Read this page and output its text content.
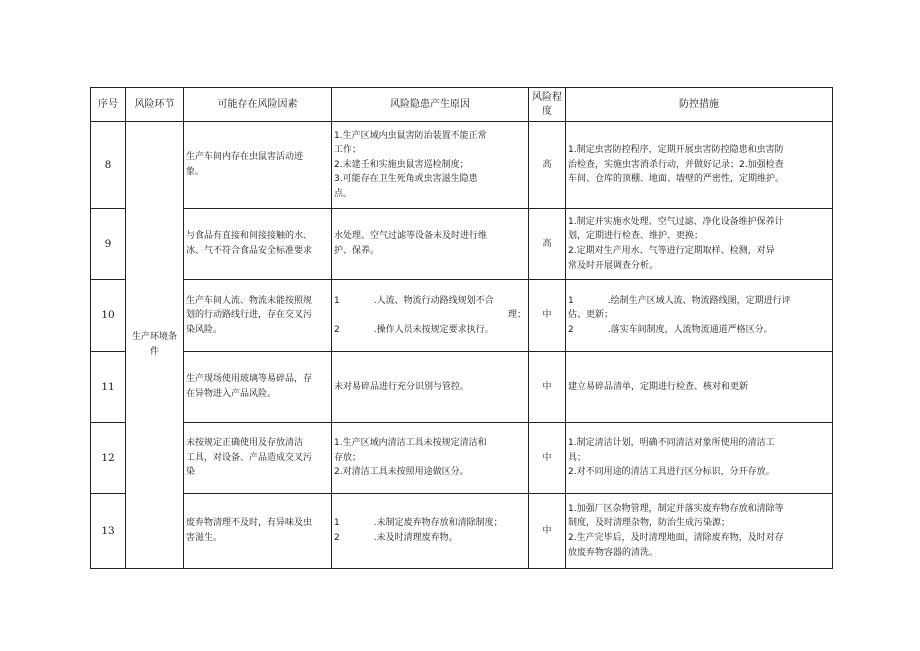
序号	风险环节	可能存在风险因素	风险隐患产生原因	风险程
度	防控措施
8	生产环境条
件	生产车间内存在虫鼠害活动迹
象。	1.生产区域内虫鼠害防治装置不能正常
工作；
2.未建壬和实施虫鼠害巡检制度；
3.可能存在卫生死角或虫害滋生隐患
点。	高	1.制定虫害防控程序，定期开展虫害防控隐患和虫害防
治检查，实施虫害消杀行动，并做好记录；2.加强检查
车间、仓库的顶棚、地面、墙壁的严密性，定期维护。

9		与食品有直接和间接接触的水、
冰、气不符合食品安全标准要求	水处理、空气过滤等设备未及时进行维
护、保养。	高	1.制定并实施水处理、空气过滤、净化设备维护保养计
划，定期进行检查、维护、更换；
2.定期对生产用水、气等进行定期取样、检测，对异
常及时开展调查分析。

10		生产车间人流、物流未能按照规
划的行动路线行进，存在交叉污
染风险。	1 .人流、物流行动路线规划不合
理；
2 .操作人员未按规定要求执行。	中	1 .绘制生产区域人流、物流路线图，定期进行评
估、更新；
2 .落实车间制度，人流物流通道严格区分。

11		生产现场使用玻璃等易碎品，存
在异物进入产品风险。	未对易碎品进行充分识别与管控。	中	建立易碎品清单，定期进行检查、核对和更新

12		未按规定正确使用及存放清洁
工具，对设备、产品造成交叉污
染	1.生产区域内清洁工具未按规定清洁和
存放；
2.对清洁工具未按照用途做区分。	中	1.制定清洁计划，明确不同清洁对象所使用的清洁工
具；
2.对不同用途的清洁工具进行区分标识，分开存放。

13		废弃物清理不及时，有异味及虫
害滋生。	1 .未制定废弃物存放和清除制度；
2 .未及时清理废弃物。	中	1.加强厂区杂物管理，制定并落实废弃物存放和清除等
制度，及时清理杂物，防治生成污染源；
2.生产完毕后，及时清理地面，清除废弃物，及时对存
放废弃物容器的清洗。
